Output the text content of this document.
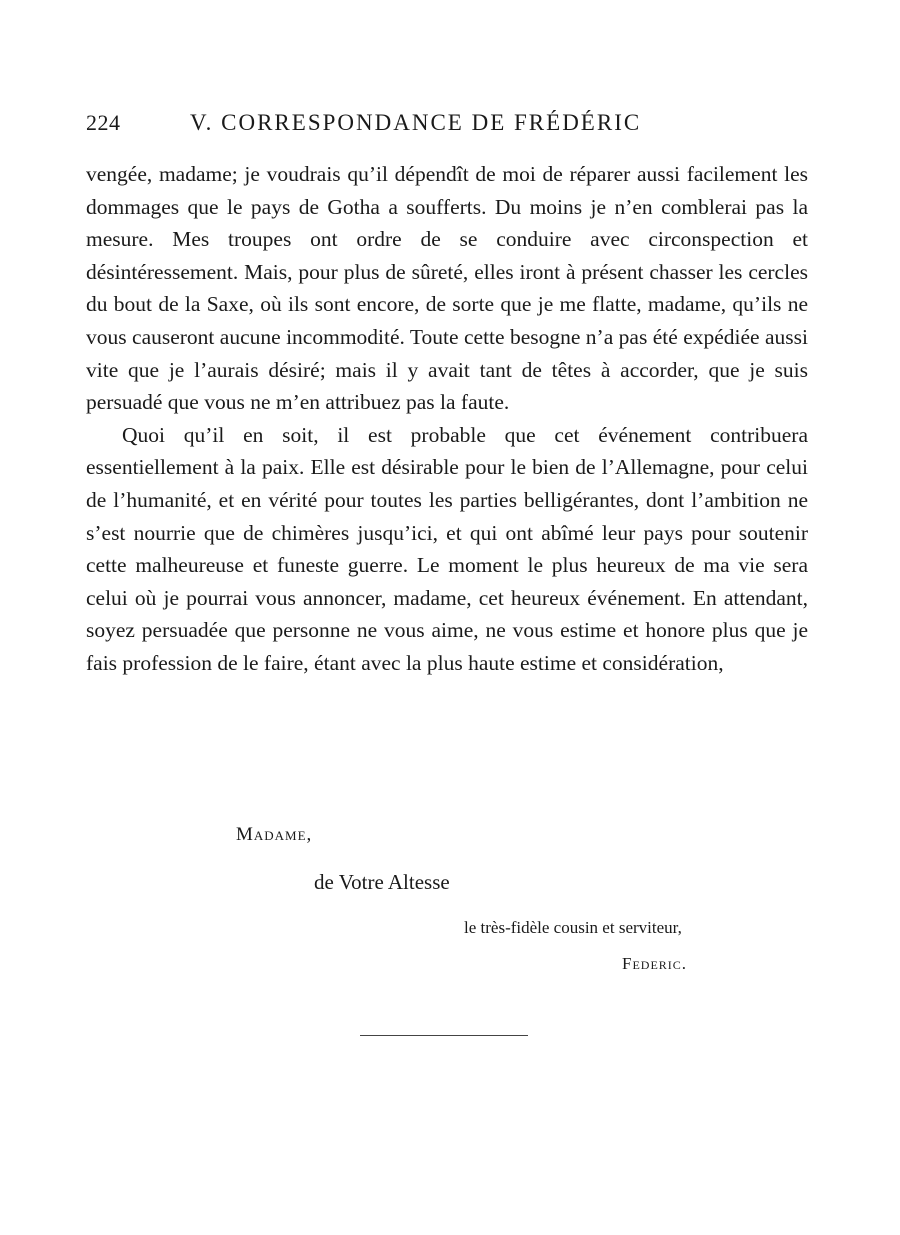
224	V. CORRESPONDANCE DE FRÉDÉRIC

vengée, madame; je voudrais qu’il dépendît de moi de réparer aussi facilement les dommages que le pays de Gotha a soufferts. Du moins je n’en comblerai pas la mesure. Mes troupes ont ordre de se conduire avec circonspection et désintéressement. Mais, pour plus de sûreté, elles iront à présent chasser les cercles du bout de la Saxe, où ils sont encore, de sorte que je me flatte, madame, qu’ils ne vous causeront aucune incommodité. Toute cette besogne n’a pas été expédiée aussi vite que je l’aurais désiré; mais il y avait tant de têtes à accorder, que je suis persuadé que vous ne m’en attribuez pas la faute.

Quoi qu’il en soit, il est probable que cet événement contribuera essentiellement à la paix. Elle est désirable pour le bien de l’Allemagne, pour celui de l’humanité, et en vérité pour toutes les parties belligérantes, dont l’ambition ne s’est nourrie que de chimères jusqu’ici, et qui ont abîmé leur pays pour soutenir cette malheureuse et funeste guerre. Le moment le plus heureux de ma vie sera celui où je pourrai vous annoncer, madame, cet heureux événement. En attendant, soyez persuadée que personne ne vous aime, ne vous estime et honore plus que je fais profession de le faire, étant avec la plus haute estime et considération,

Madame,
de Votre Altesse
le très-fidèle cousin et serviteur,
Federic.
